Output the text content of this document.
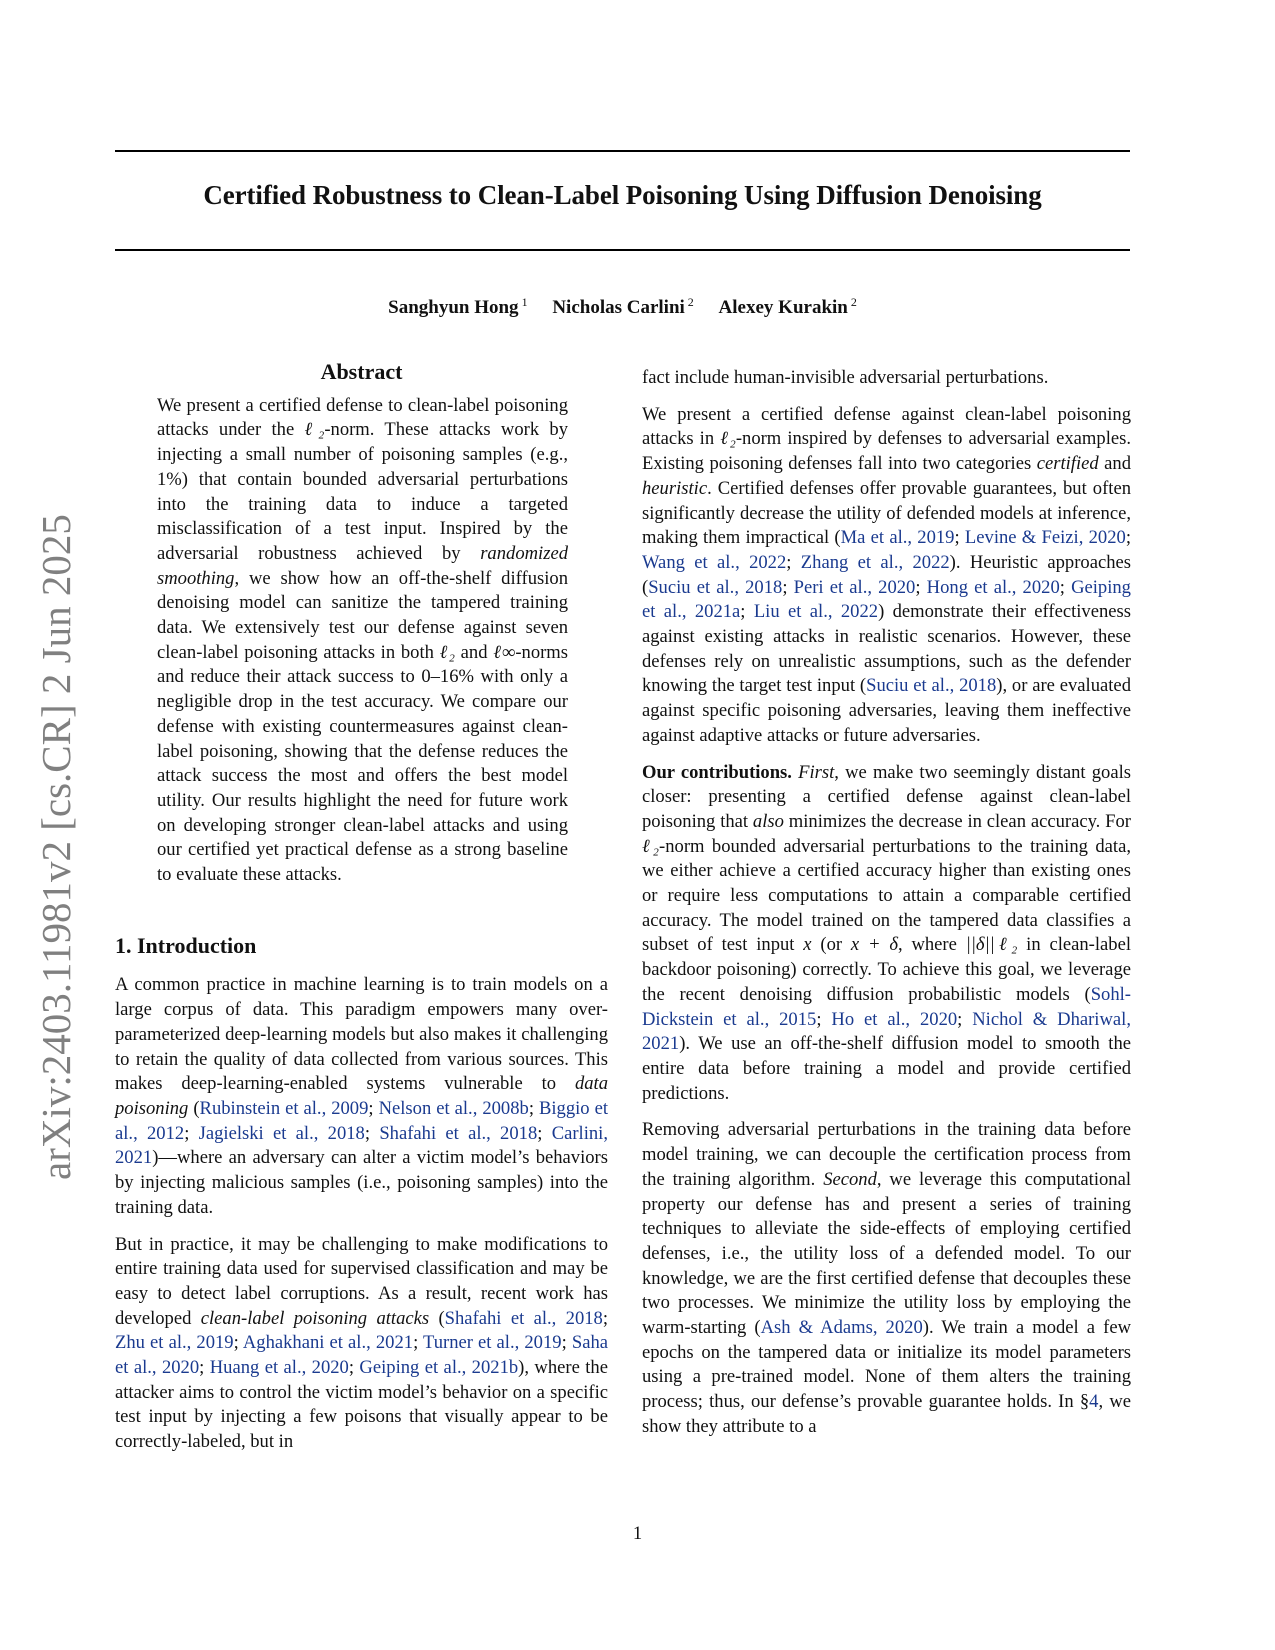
Certified Robustness to Clean-Label Poisoning Using Diffusion Denoising
Sanghyun Hong $^1$ Nicholas Carlini $^2$ Alexey Kurakin $^2$
arXiv:2403.11981v2 [cs.CR] 2 Jun 2025
Abstract

We present a certified defense to clean-label poisoning attacks under the ℓ₂-norm. These attacks work by injecting a small number of poisoning samples (e.g., 1%) that contain bounded adversarial perturbations into the training data to induce a targeted misclassification of a test input. Inspired by the adversarial robustness achieved by randomized smoothing, we show how an off-the-shelf diffusion denoising model can sanitize the tampered training data. We extensively test our defense against seven clean-label poisoning attacks in both ℓ₂ and ℓ∞-norms and reduce their attack success to 0–16% with only a negligible drop in the test accuracy. We compare our defense with existing countermeasures against clean-label poisoning, showing that the defense reduces the attack success the most and offers the best model utility. Our results highlight the need for future work on developing stronger clean-label attacks and using our certified yet practical defense as a strong baseline to evaluate these attacks.

1. Introduction

A common practice in machine learning is to train models on a large corpus of data. This paradigm empowers many over-parameterized deep-learning models but also makes it challenging to retain the quality of data collected from various sources. This makes deep-learning-enabled systems vulnerable to data poisoning (Rubinstein et al., 2009; Nelson et al., 2008b; Biggio et al., 2012; Jagielski et al., 2018; Shafahi et al., 2018; Carlini, 2021)—where an adversary can alter a victim model’s behaviors by injecting malicious samples (i.e., poisoning samples) into the training data.

But in practice, it may be challenging to make modifications to entire training data used for supervised classification and may be easy to detect label corruptions. As a result, recent work has developed clean-label poisoning attacks (Shafahi et al., 2018; Zhu et al., 2019; Aghakhani et al., 2021; Turner et al., 2019; Saha et al., 2020; Huang et al., 2020; Geiping et al., 2021b), where the attacker aims to control the victim model’s behavior on a specific test input by injecting a few poisons that visually appear to be correctly-labeled, but in

fact include human-invisible adversarial perturbations.

We present a certified defense against clean-label poisoning attacks in ℓ₂-norm inspired by defenses to adversarial examples. Existing poisoning defenses fall into two categories certified and heuristic. Certified defenses offer provable guarantees, but often significantly decrease the utility of defended models at inference, making them impractical (Ma et al., 2019; Levine & Feizi, 2020; Wang et al., 2022; Zhang et al., 2022). Heuristic approaches (Suciu et al., 2018; Peri et al., 2020; Hong et al., 2020; Geiping et al., 2021a; Liu et al., 2022) demonstrate their effectiveness against existing attacks in realistic scenarios. However, these defenses rely on unrealistic assumptions, such as the defender knowing the target test input (Suciu et al., 2018), or are evaluated against specific poisoning adversaries, leaving them ineffective against adaptive attacks or future adversaries.

Our contributions. First, we make two seemingly distant goals closer: presenting a certified defense against clean-label poisoning that also minimizes the decrease in clean accuracy. For ℓ₂-norm bounded adversarial perturbations to the training data, we either achieve a certified accuracy higher than existing ones or require less computations to attain a comparable certified accuracy. The model trained on the tampered data classifies a subset of test input x (or x + δ, where ||δ||ℓ₂ in clean-label backdoor poisoning) correctly. To achieve this goal, we leverage the recent denoising diffusion probabilistic models (Sohl-Dickstein et al., 2015; Ho et al., 2020; Nichol & Dhariwal, 2021). We use an off-the-shelf diffusion model to smooth the entire data before training a model and provide certified predictions.

Removing adversarial perturbations in the training data before model training, we can decouple the certification process from the training algorithm. Second, we leverage this computational property our defense has and present a series of training techniques to alleviate the side-effects of employing certified defenses, i.e., the utility loss of a defended model. To our knowledge, we are the first certified defense that decouples these two processes. We minimize the utility loss by employing the warm-starting (Ash & Adams, 2020). We train a model a few epochs on the tampered data or initialize its model parameters using a pre-trained model. None of them alters the training process; thus, our defense’s provable guarantee holds. In §4, we show they attribute to a

1
